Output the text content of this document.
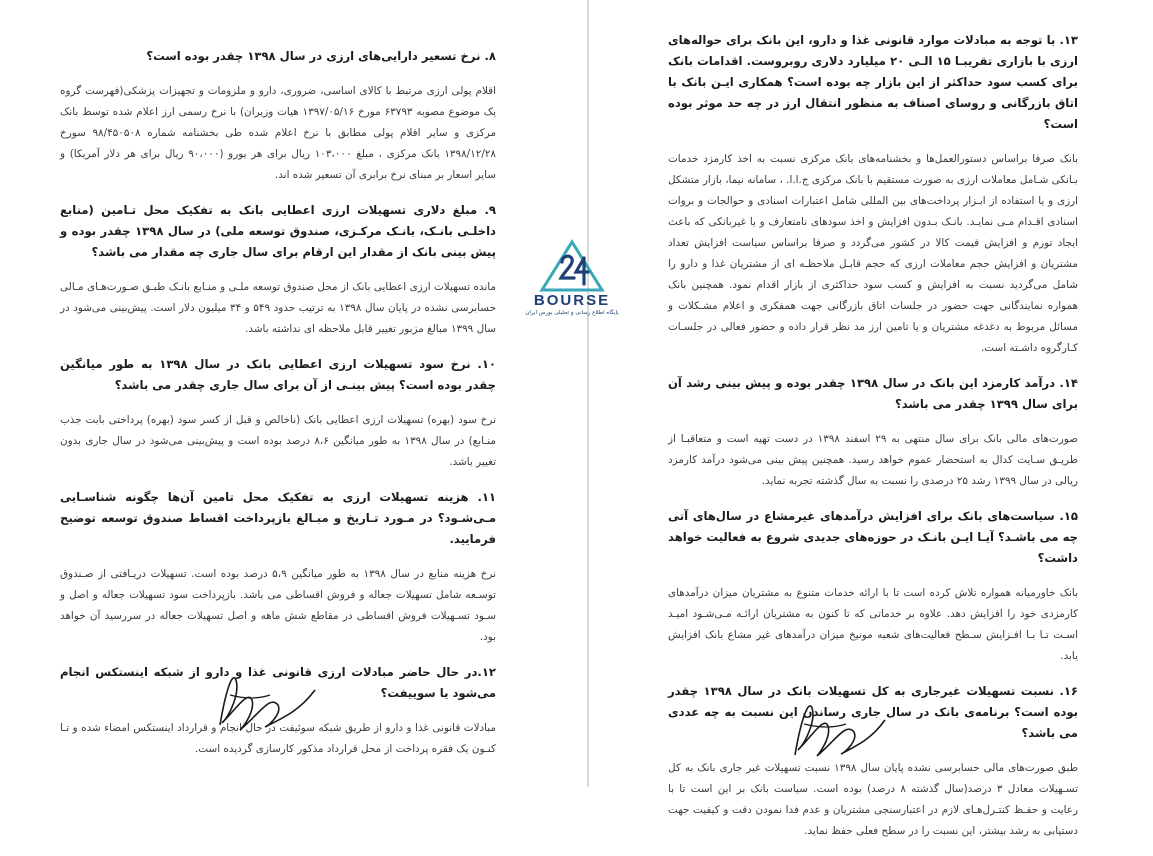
۸. نرخ تسعیر دارایی‌های ارزی در سال ۱۳۹۸ چقدر بوده است؟
اقلام پولی ارزی مرتبط با کالای اساسی، ضروری، دارو و ملزومات و تجهیزات پزشکی(فهرست گروه یک موضوع مصوبه ۶۳۷۹۳ مورخ ۱۳۹۷/۰۵/۱۶ هیات وزیران) با نرخ رسمی ارز اعلام شده توسط بانک مرکزی و سایر اقلام پولی مطابق با نرخ اعلام شده طی بخشنامه شماره ۹۸/۴۵۰۵۰۸ سورخ ۱۳۹۸/۱۲/۲۸ بانک مرکزی ، مبلغ ۱۰۳،۰۰۰ ریال برای هر یورو (۹۰،۰۰۰ ریال برای هر دلار آمریکا) و سایر اسعار بر مبنای نرخ برابری آن تسعیر شده اند.
۹. مبلغ دلاری تسهیلات ارزی اعطایی بانک به تفکیک محل تـامین (منابع داخلـی بانـک، بانـک مرکـزی، صندوق توسعه ملی) در سال ۱۳۹۸ چقدر بوده و پیش بینی بانک از مقدار این ارقام برای سال جاری چه مقدار می باشد؟
مانده تسهیلات ارزی اعطایی بانک از محل صندوق توسعه ملـی و منـابع بانـک طبـق صـورت‌هـای مـالی حسابرسی نشده در پایان سال ۱۳۹۸ به ترتیب حدود ۵۴۹ و ۳۴ میلیون دلار است. پیش‌بینی می‌شود در سال ۱۳۹۹ مبالغ مزبور تغییر قابل ملاحظه ای نداشته باشد.
۱۰. نرخ سود تسهیلات ارزی اعطایی بانک در سال ۱۳۹۸ به طور میانگین چقدر بوده است؟ پیش بینـی از آن برای سال جاری چقدر می باشد؟
نرخ سود (بهره) تسهیلات ارزی اعطایی بانک (ناخالص و قبل از کسر سود (بهره) پرداختی بابت جذب منـابع) در سال ۱۳۹۸ به طور میانگین ۸،۶ درصد بوده است و پیش‌بینی می‌شود در سال جاری بدون تغییر باشد.
۱۱. هزینه تسهیلات ارزی به تفکیک محل تامین آن‌ها چگونه شناسـایی مـی‌شـود؟ در مـورد تـاریخ و مبـالغ بازپرداخت اقساط صندوق توسعه توضیح فرمایید.
نرخ هزینه منابع در سال ۱۳۹۸ به طور میانگین ۵،۹ درصد بوده است. تسهیلات دریـافتی از صـندوق توسـعه شامل تسهیلات جعاله و فروش اقساطی می باشد. بازپرداخت سود تسهیلات جعاله و اصل و سـود تسـهیلات فروش اقساطی در مقاطع شش ماهه و اصل تسهیلات جعاله در سررسید آن خواهد بود.
۱۲.در حال حاضر مبادلات ارزی قانونی غذا و دارو از شبکه اینستکس انجام می‌شود یا سوییفت؟
مبادلات قانونی غذا و دارو از طریق شبکه سوئیفت در حال انجام و قرارداد اینستکس امضاء شده و تـا کنـون یک فقره پرداخت از محل قرارداد مذکور کارسازی گردیده است.
۱۳. با توجه به مبادلات موارد قانونی غذا و دارو، این بانک برای حواله‌های ارزی با بازاری تقریبـا ۱۵ الـی ۲۰ میلیارد دلاری روبروست. اقدامات بانک برای کسب سود حداکثر از این بازار چه بوده است؟ همکاری ایـن بانک با اتاق بازرگانی و روسای اصناف به منظور انتقال ارز در چه حد موثر بوده است؟
بانک صرفا براساس دستورالعمل‌ها و بخشنامه‌های بانک مرکزی نسبت به اخذ کارمزد خدمات بـانکی شـامل معاملات ارزی به صورت مستقیم با بانک مرکزی ج.ا.ا. ، سامانه نیما، بازار متشکل ارزی و یا استفاده از ابـزار پرداخت‌های بین المللی شامل اعتبارات اسنادی و حوالجات و بروات اسنادی اقـدام مـی نمایـد. بانـک بـدون افزایش و اخذ سودهای نامتعارف و یا غیربانکی که باعث ایجاد تورم و افزایش قیمت کالا در کشور می‌گردد و صرفا براساس سیاست افزایش تعداد مشتریان و افزایش حجم معاملات ارزی که حجم قابـل ملاحظـه ای از مشتریان غذا و دارو را شامل می‌گردید نسبت به افزایش و کسب سود حداکثری از بازار اقدام نمود. همچنین بانک همواره نمایندگانی جهت حضور در جلسات اتاق بازرگانی جهت همفکری و اعلام مشـکلات و مسائل مربوط به دغدغه مشتریان و یا تامین ارز مد نظر قرار داده و حضور فعالی در جلسـات کـارگروه داشـته است.
۱۴. درآمد کارمزد این بانک در سال ۱۳۹۸ چقدر بوده و پیش بینی رشد آن برای سال ۱۳۹۹ چقدر می باشد؟
صورت‌های مالی بانک برای سال منتهی به ۲۹ اسفند ۱۳۹۸ در دست تهیه است و متعاقبـا از طریـق سـایت کدال به استحضار عموم خواهد رسید. همچنین پیش بینی می‌شود درآمد کارمزد ریالی در سال ۱۳۹۹ رشد ۲۵ درصدی را نسبت به سال گذشته تجربه نماید.
۱۵. سیاست‌های بانک برای افزایش درآمدهای غیرمشاع در سال‌های آتی چه می باشـد؟ آیـا ایـن بانـک در حوزه‌های جدیدی شروع به فعالیت خواهد داشت؟
بانک خاورمیانه همواره تلاش کرده است تا با ارائه خدمات متنوع به مشتریان میزان درآمدهای کارمزدی خود را افزایش دهد. علاوه بر خدماتی که تا کنون به مشتریان ارائـه مـی‌شـود امیـد اسـت تـا بـا افـزایش سـطح فعالیت‌های شعبه مونیخ میزان درآمدهای غیر مشاع بانک افزایش یابد.
۱۶. نسبت تسهیلات غیرجاری به کل تسهیلات بانک در سال ۱۳۹۸ چقدر بوده است؟ برنامه‌ی بانک در سال جاری رساندن این نسبت به چه عددی می باشد؟
طبق صورت‌های مالی حسابرسی نشده پایان سال ۱۳۹۸ نسبت تسهیلات غیر جاری بانک به کل تسـهیلات معادل ۳ درصد(سال گذشته ۸ درصد) بوده است. سیاست بانک بر این است تا با رعایت و حفـظ کنتـرل‌هـای لازم در اعتبارسنجی مشتریان و عدم فدا نمودن دقت و کیفیت جهت دستیابی به رشد بیشتر، این نسبت را در سطح فعلی حفظ نماید.
BOURSE
پایگاه اطلاع رسانی و تحلیلی بورس ایران
